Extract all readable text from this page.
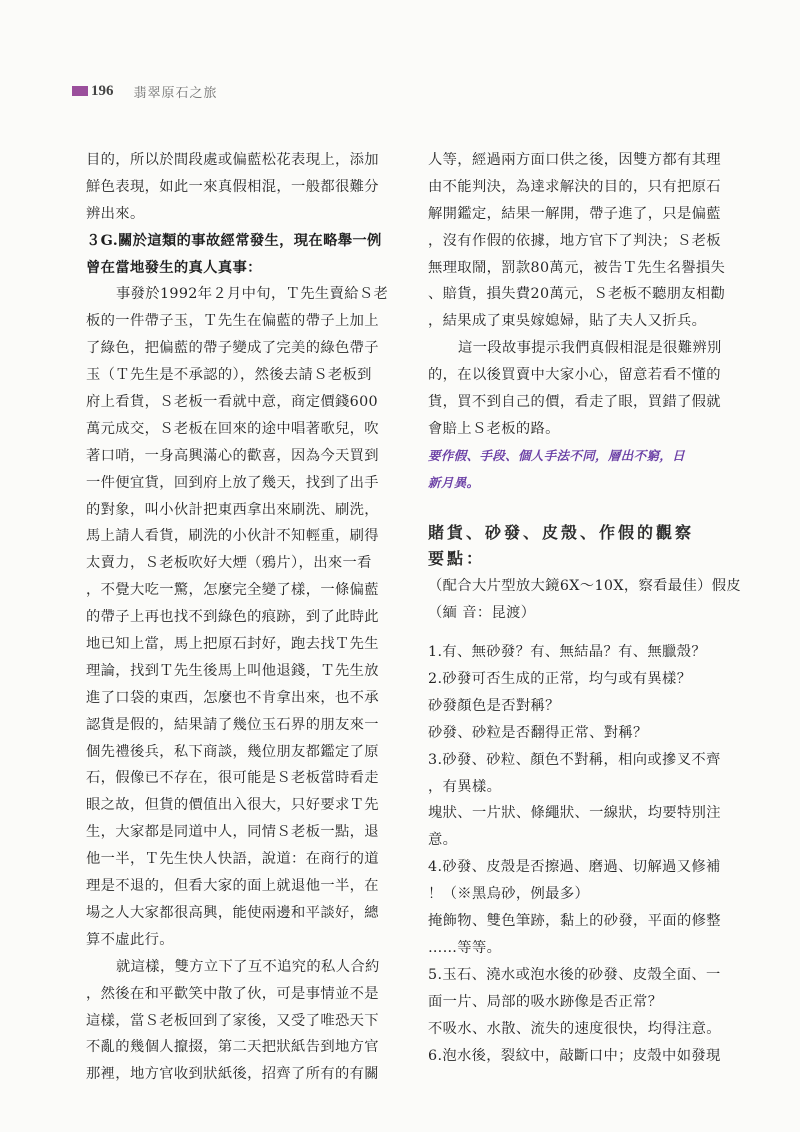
196 翡翠原石之旅
目的，所以於間段處或偏藍松花表現上，添加
鮮色表現，如此一來真假相混，一般都很難分
辨出來。
３G.關於這類的事故經常發生，現在略舉一例
曾在當地發生的真人真事：
事發於1992年２月中旬，Ｔ先生賣給Ｓ老
板的一件帶子玉，Ｔ先生在偏藍的帶子上加上
了綠色，把偏藍的帶子變成了完美的綠色帶子
玉（Ｔ先生是不承認的），然後去請Ｓ老板到
府上看貨，Ｓ老板一看就中意，商定價錢600
萬元成交，Ｓ老板在回來的途中唱著歌兒，吹
著口哨，一身高興滿心的歡喜，因為今天買到
一件便宜貨，回到府上放了幾天，找到了出手
的對象，叫小伙計把東西拿出來刷洗、刷洗，
馬上請人看貨，刷洗的小伙計不知輕重，刷得
太賣力，Ｓ老板吹好大煙（鴉片），出來一看
，不覺大吃一驚，怎麼完全變了樣，一條偏藍
的帶子上再也找不到綠色的痕跡，到了此時此
地已知上當，馬上把原石封好，跑去找Ｔ先生
理論，找到Ｔ先生後馬上叫他退錢，Ｔ先生放
進了口袋的東西，怎麼也不肯拿出來，也不承
認貨是假的，結果請了幾位玉石界的朋友來一
個先禮後兵，私下商談，幾位朋友都鑑定了原
石，假像已不存在，很可能是Ｓ老板當時看走
眼之故，但貨的價值出入很大，只好要求Ｔ先
生，大家都是同道中人，同情Ｓ老板一點，退
他一半，Ｔ先生快人快語，說道：在商行的道
理是不退的，但看大家的面上就退他一半，在
場之人大家都很高興，能使兩邊和平談好，總
算不虛此行。
就這樣，雙方立下了互不追究的私人合約
，然後在和平歡笑中散了伙，可是事情並不是
這樣，當Ｓ老板回到了家後，又受了唯恐天下
不亂的幾個人攛掇，第二天把狀紙告到地方官
那裡，地方官收到狀紙後，招齊了所有的有關
人等，經過兩方面口供之後，因雙方都有其理
由不能判決，為達求解決的目的，只有把原石
解開鑑定，結果一解開，帶子進了，只是偏藍
，沒有作假的依據，地方官下了判決；Ｓ老板
無理取鬧，罰款80萬元，被告Ｔ先生名譽損失
、賠貨，損失費20萬元，Ｓ老板不聽朋友相勸
，結果成了東吳嫁媳婦，貼了夫人又折兵。
這一段故事提示我們真假相混是很難辨別
的，在以後買賣中大家小心，留意若看不懂的
貨，買不到自己的價，看走了眼，買錯了假就
會賠上Ｓ老板的路。
要作假、手段、個人手法不同，層出不窮，日
新月異。
賭貨、砂發、皮殼、作假的觀察
要點：
（配合大片型放大鏡6X～10X，察看最佳）假皮
（緬 音：昆渡）
1.有、無砂發？有、無結晶？有、無臘殼？
2.砂發可否生成的正常，均勻或有異樣？
砂發顏色是否對稱？
砂發、砂粒是否翻得正常、對稱？
3.砂發、砂粒、顏色不對稱，相向或摻叉不齊
，有異樣。
塊狀、一片狀、條繩狀、一線狀，均要特別注
意。
4.砂發、皮殼是否擦過、磨過、切解過又修補
！（※黑烏砂，例最多）
掩飾物、雙色筆跡，黏上的砂發，平面的修整
……等等。
5.玉石、澆水或泡水後的砂發、皮殼全面、一
面一片、局部的吸水跡像是否正常？
不吸水、水散、流失的速度很快，均得注意。
6.泡水後，裂紋中，敲斷口中；皮殼中如發現
